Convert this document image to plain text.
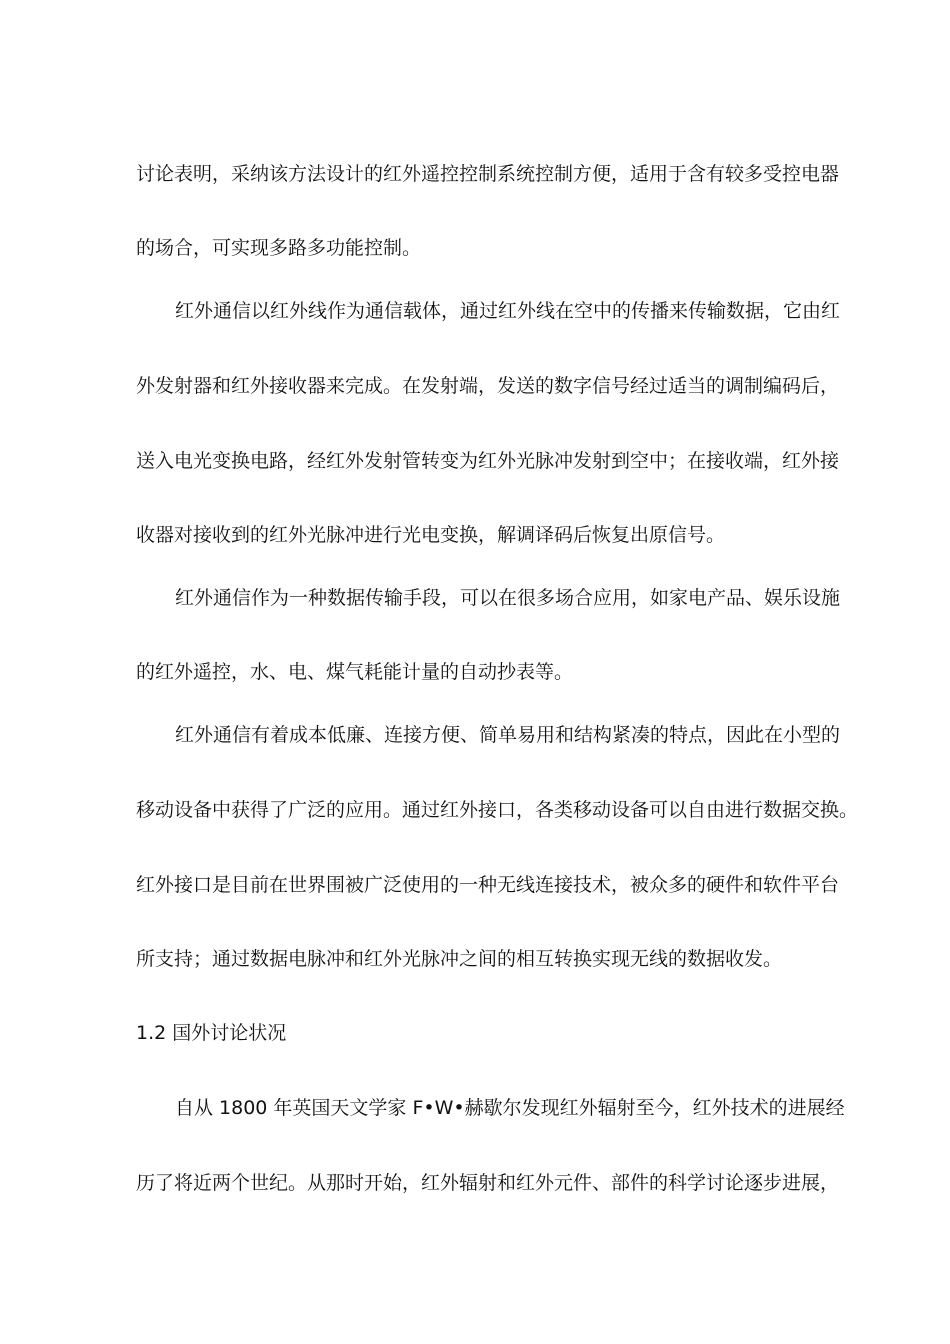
讨论表明，采纳该方法设计的红外遥控控制系统控制方便，适用于含有较多受控电器

的场合，可实现多路多功能控制。

红外通信以红外线作为通信载体，通过红外线在空中的传播来传输数据，它由红

外发射器和红外接收器来完成。在发射端，发送的数字信号经过适当的调制编码后，

送入电光变换电路，经红外发射管转变为红外光脉冲发射到空中；在接收端，红外接

收器对接收到的红外光脉冲进行光电变换，解调译码后恢复出原信号。

红外通信作为一种数据传输手段，可以在很多场合应用，如家电产品、娱乐设施

的红外遥控，水、电、煤气耗能计量的自动抄表等。

红外通信有着成本低廉、连接方便、简单易用和结构紧凑的特点，因此在小型的

移动设备中获得了广泛的应用。通过红外接口，各类移动设备可以自由进行数据交换。

红外接口是目前在世界围被广泛使用的一种无线连接技术，被众多的硬件和软件平台

所支持；通过数据电脉冲和红外光脉冲之间的相互转换实现无线的数据收发。

1.2 国外讨论状况

自从 1800 年英国天文学家 F•W•赫歇尔发现红外辐射至今，红外技术的进展经

历了将近两个世纪。从那时开始，红外辐射和红外元件、部件的科学讨论逐步进展，
